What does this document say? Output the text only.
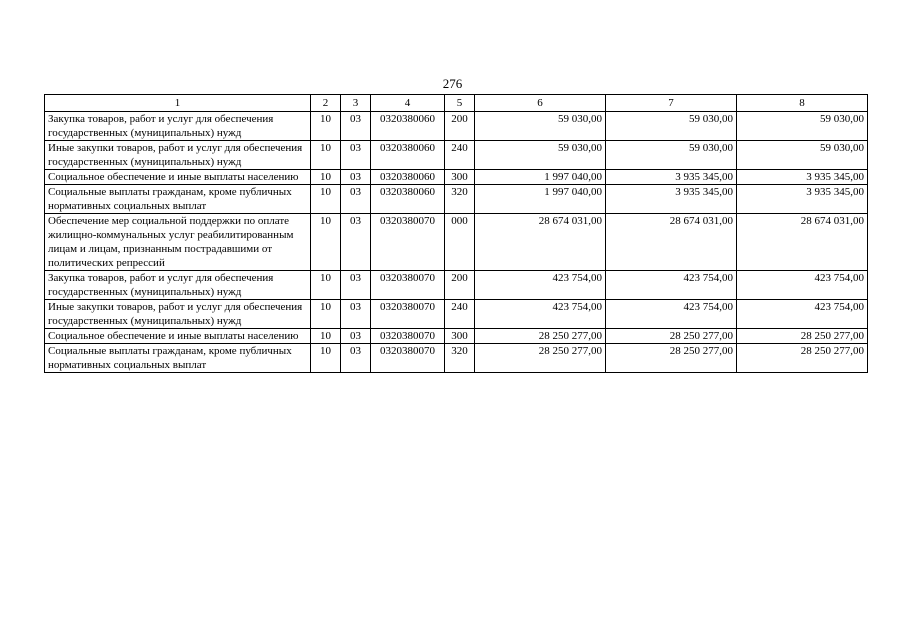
276
1	2	3	4	5	6	7	8
Закупка товаров, работ и услуг для обеспечения государственных (муниципальных) нужд	10	03	0320380060	200	59 030,00	59 030,00	59 030,00
Иные закупки товаров, работ и услуг для обеспечения государственных (муниципальных) нужд	10	03	0320380060	240	59 030,00	59 030,00	59 030,00
Социальное обеспечение и иные выплаты населению	10	03	0320380060	300	1 997 040,00	3 935 345,00	3 935 345,00
Социальные выплаты гражданам, кроме публичных нормативных социальных выплат	10	03	0320380060	320	1 997 040,00	3 935 345,00	3 935 345,00
Обеспечение мер социальной поддержки по оплате жилищно-коммунальных услуг реабилитированным лицам и лицам, признанным пострадавшими от политических репрессий	10	03	0320380070	000	28 674 031,00	28 674 031,00	28 674 031,00
Закупка товаров, работ и услуг для обеспечения государственных (муниципальных) нужд	10	03	0320380070	200	423 754,00	423 754,00	423 754,00
Иные закупки товаров, работ и услуг для обеспечения государственных (муниципальных) нужд	10	03	0320380070	240	423 754,00	423 754,00	423 754,00
Социальное обеспечение и иные выплаты населению	10	03	0320380070	300	28 250 277,00	28 250 277,00	28 250 277,00
Социальные выплаты гражданам, кроме публичных нормативных социальных выплат	10	03	0320380070	320	28 250 277,00	28 250 277,00	28 250 277,00
